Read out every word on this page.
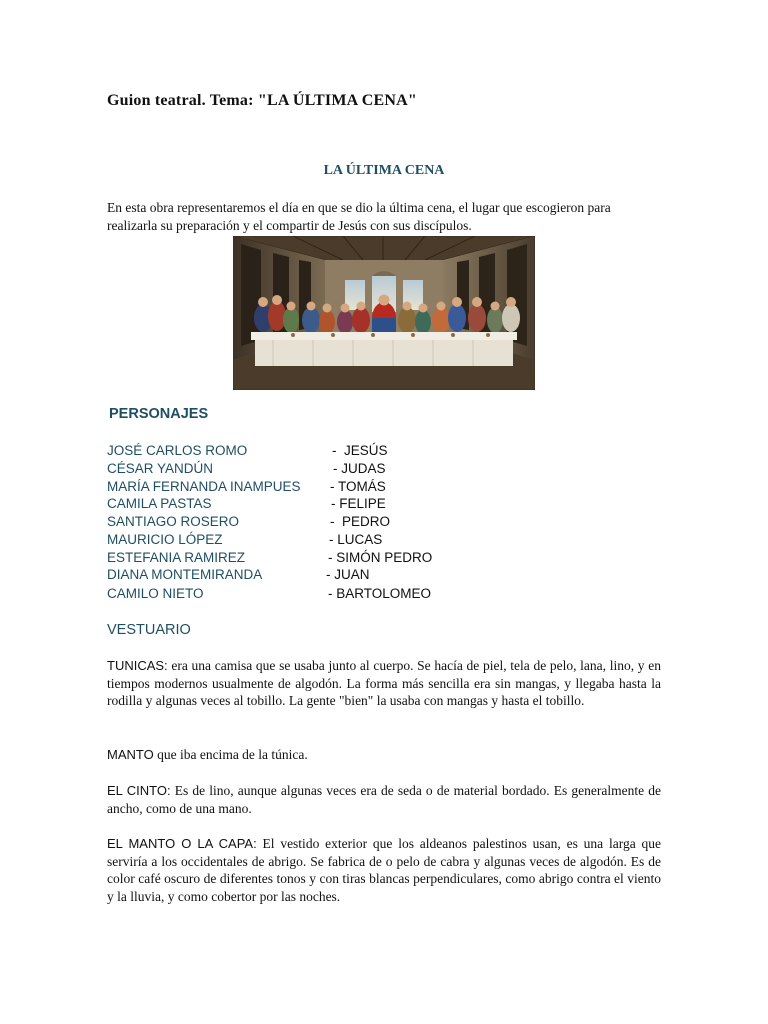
Guion teatral. Tema: "LA ÚLTIMA CENA"
LA ÚLTIMA CENA
En esta obra representaremos el día en que se dio la última cena, el lugar que escogieron para realizarla su preparación y el compartir de Jesús con sus discípulos.
PERSONAJES
JOSÉ CARLOS ROMO	-  JESÚS
CÉSAR YANDÚN	- JUDAS
MARÍA FERNANDA INAMPUES - TOMÁS
CAMILA PASTAS	- FELIPE
SANTIAGO ROSERO	-  PEDRO
MAURICIO LÓPEZ	- LUCAS
ESTEFANIA RAMIREZ	- SIMÓN PEDRO
DIANA MONTEMIRANDA	- JUAN
CAMILO NIETO	- BARTOLOMEO
VESTUARIO
TUNICAS: era una camisa que se usaba junto al cuerpo. Se hacía de piel, tela de pelo, lana, lino, y en tiempos modernos usualmente de algodón. La forma más sencilla era sin mangas, y llegaba hasta la rodilla y algunas veces al tobillo. La gente "bien" la usaba con mangas y hasta el tobillo.
MANTO que iba encima de la túnica.
EL CINTO: Es de lino, aunque algunas veces era de seda o de material bordado. Es generalmente de ancho, como de una mano.
EL MANTO O LA CAPA: El vestido exterior que los aldeanos palestinos usan, es una larga que serviría a los occidentales de abrigo. Se fabrica de o pelo de cabra y algunas veces de algodón. Es de color café oscuro de diferentes tonos y con tiras blancas perpendiculares, como abrigo contra el viento y la lluvia, y como cobertor por las noches.
